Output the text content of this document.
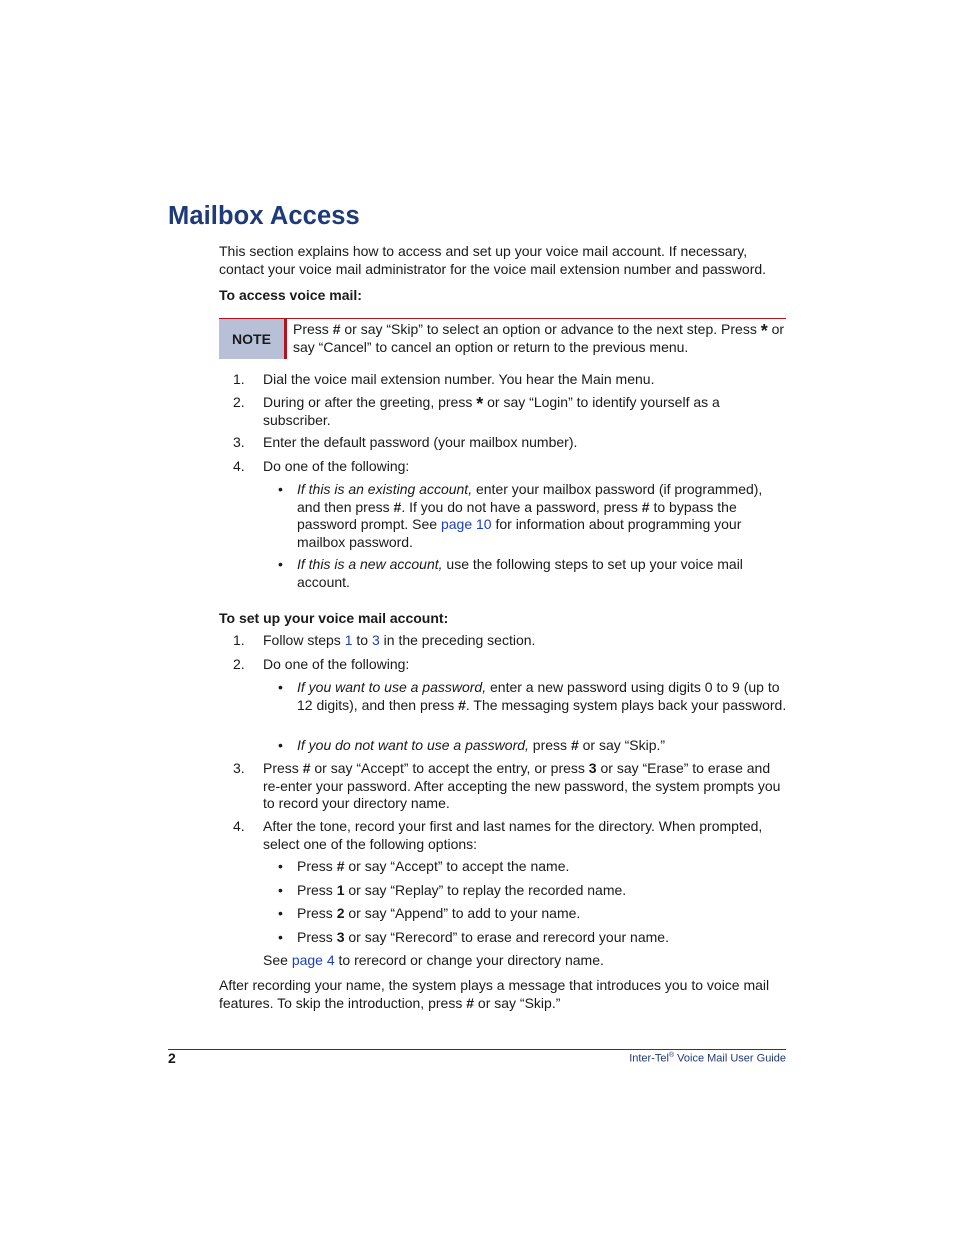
Mailbox Access

This section explains how to access and set up your voice mail account. If necessary, contact your voice mail administrator for the voice mail extension number and password.

To access voice mail:

NOTE

Press # or say “Skip” to select an option or advance to the next step. Press * or say “Cancel” to cancel an option or return to the previous menu.

1. Dial the voice mail extension number. You hear the Main menu.

2. During or after the greeting, press * or say “Login” to identify yourself as a subscriber.

3. Enter the default password (your mailbox number).

4. Do one of the following:

• If this is an existing account, enter your mailbox password (if programmed), and then press #. If you do not have a password, press # to bypass the password prompt. See page 10 for information about programming your mailbox password.

• If this is a new account, use the following steps to set up your voice mail account.

To set up your voice mail account:

1. Follow steps 1 to 3 in the preceding section.

2. Do one of the following:

• If you want to use a password, enter a new password using digits 0 to 9 (up to 12 digits), and then press #. The messaging system plays back your password.

• If you do not want to use a password, press # or say “Skip.”

3. Press # or say “Accept” to accept the entry, or press 3 or say “Erase” to erase and re-enter your password. After accepting the new password, the system prompts you to record your directory name.

4. After the tone, record your first and last names for the directory. When prompted, select one of the following options:

• Press # or say “Accept” to accept the name.

• Press 1 or say “Replay” to replay the recorded name.

• Press 2 or say “Append” to add to your name.

• Press 3 or say “Rerecord” to erase and rerecord your name.

See page 4 to rerecord or change your directory name.

After recording your name, the system plays a message that introduces you to voice mail features. To skip the introduction, press # or say “Skip.”

2	Inter-Tel® Voice Mail User Guide
